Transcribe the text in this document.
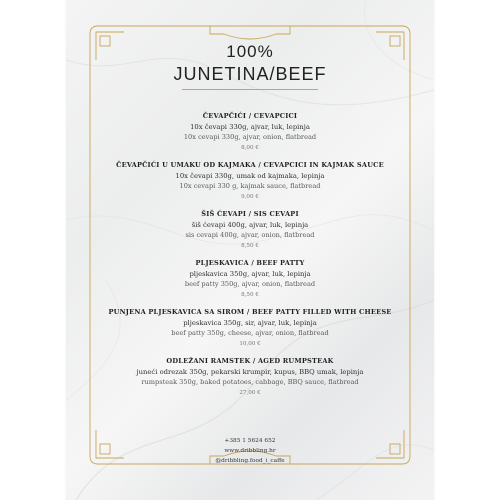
100%
JUNETINA/BEEF
ČEVAPČIĆI / CEVAPCICI
10x čevapi 330g, ajvar, luk, lepinja
10x cevapi 330g, ajvar, onion, flatbread
8,00 €
ČEVAPČIĆI U UMAKU OD KAJMAKA / CEVAPCICI IN KAJMAK SAUCE
10x čevapi 330g, umak od kajmaka, lepinja
10x cevapi 330 g, kajmak sauce, flatbread
9,00 €
ŠIŠ ĆEVAPI / SIS CEVAPI
šiš ćevapi 400g, ajvar, luk, lepinja
sis cevapi 400g, ajvar, onion, flatbread
8,50 €
PLJESKAVICA / BEEF PATTY
pljeskavica 350g, ajvar, luk, lepinja
beef patty 350g, ajvar, onion, flatbread
8,50 €
PUNJENA PLJESKAVICA SA SIROM / BEEF PATTY FILLED WITH CHEESE
pljeskavica 350g, sir, ajvar, luk, lepinja
beef patty 350g, cheese, ajvar, onion, flatbread
10,00 €
ODLEŽANI RAMSTEK / AGED RUMPSTEAK
juneći odrezak 350g, pekarski krumpir, kupus, BBQ umak, lepinja
rumpsteak 350g, baked potatoes, cabbage, BBQ sauce, flatbread
27,00 €
+385 1 5624 652
www.dribbling.hr
@dribbling.food_i_caffe
